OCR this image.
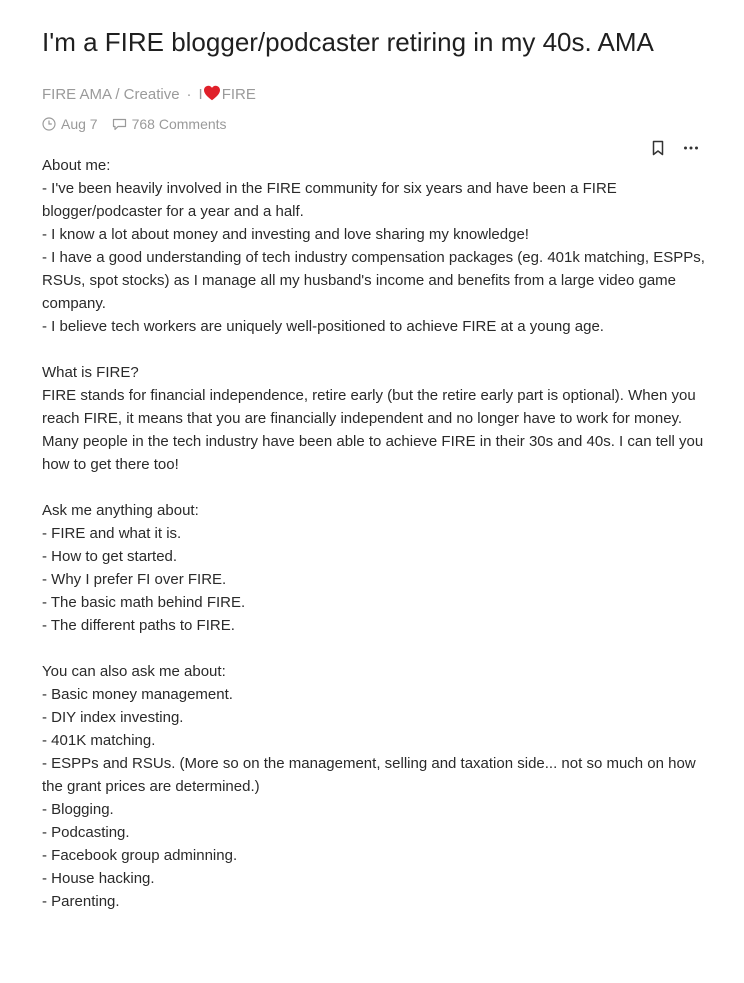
I'm a FIRE blogger/podcaster retiring in my 40s. AMA
FIRE AMA / Creative · I FIRE
Aug 7 768 Comments
About me:
- I've been heavily involved in the FIRE community for six years and have been a FIRE blogger/podcaster for a year and a half.
- I know a lot about money and investing and love sharing my knowledge!
- I have a good understanding of tech industry compensation packages (eg. 401k matching, ESPPs, RSUs, spot stocks) as I manage all my husband's income and benefits from a large video game company.
- I believe tech workers are uniquely well-positioned to achieve FIRE at a young age.
What is FIRE?
FIRE stands for financial independence, retire early (but the retire early part is optional). When you reach FIRE, it means that you are financially independent and no longer have to work for money. Many people in the tech industry have been able to achieve FIRE in their 30s and 40s. I can tell you how to get there too!
Ask me anything about:
- FIRE and what it is.
- How to get started.
- Why I prefer FI over FIRE.
- The basic math behind FIRE.
- The different paths to FIRE.
You can also ask me about:
- Basic money management.
- DIY index investing.
- 401K matching.
- ESPPs and RSUs. (More so on the management, selling and taxation side... not so much on how the grant prices are determined.)
- Blogging.
- Podcasting.
- Facebook group adminning.
- House hacking.
- Parenting.
